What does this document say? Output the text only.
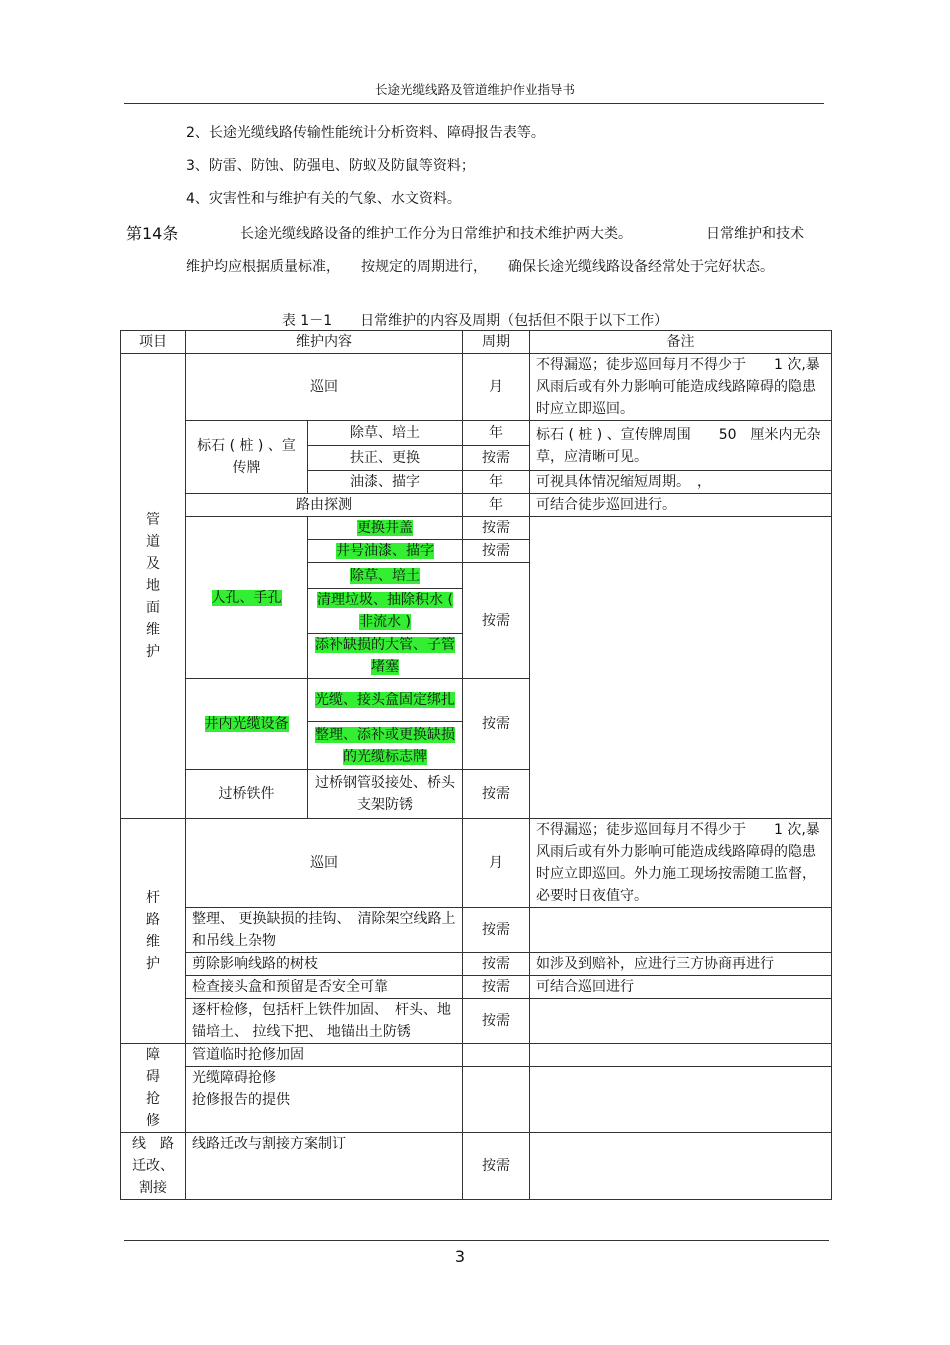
长途光缆线路及管道维护作业指导书
2、长途光缆线路传输性能统计分析资料、障碍报告表等。
3、防雷、防蚀、防强电、防蚁及防鼠等资料；
4、灾害性和与维护有关的气象、水文资料。
第14条	长途光缆线路设备的维护工作分为日常维护和技术维护两大类。	日常维护和技术
维护均应根据质量标准，　　按规定的周期进行，　　确保长途光缆线路设备经常处于完好状态。
表 1－1　　日常维护的内容及周期（包括但不限于以下工作）
项目	维护内容		周期	备注	

管道及地面维护	巡回		月	不得漏巡；徒步巡回每月不得少于　　1 次,暴风雨后或有外力影响可能造成线路障碍的隐患时应立即巡回。	
	标石 ( 桩 ) 、宣传牌	除草、培土	年	标石 ( 桩 ) 、宣传牌周围　　50　厘米内无杂草，应清晰可见。	
		扶正、更换	按需		
		油漆、描字	年	可视具体情况缩短周期。　，	
	路由探测		年	可结合徒步巡回进行。	
	人孔、手孔	更换井盖	按需		
		井号油漆、描字	按需		
		除草、培土	按需		
		清理垃圾、抽除积水 ( 非流水 )			
		添补缺损的大管、子管堵塞			
	井内光缆设备	光缆、接头盒固定绑扎	按需		
		整理、添补或更换缺损的光缆标志牌			
	过桥铁件	过桥钢管驳接处、桥头支架防锈	按需		

杆路维护	巡回		月	不得漏巡；徒步巡回每月不得少于　　1 次,暴风雨后或有外力影响可能造成线路障碍的隐患时应立即巡回。外力施工现场按需随工监督，必要时日夜值守。	
	整理、 更换缺损的挂钩、　清除架空线路上和吊线上杂物		按需		
	剪除影响线路的树枝		按需	如涉及到赔补，应进行三方协商再进行	
	检查接头盒和预留是否安全可靠		按需	可结合巡回进行	
	逐杆检修，包括杆上铁件加固、　杆头、地锚培土、 拉线下把、 地锚出土防锈		按需		

障碍抢修	管道临时抢修加固				

	光缆障碍抢修
抢修报告的提供				

线　路
迁改、
割接	线路迁改与割接方案制订		按需		
3
